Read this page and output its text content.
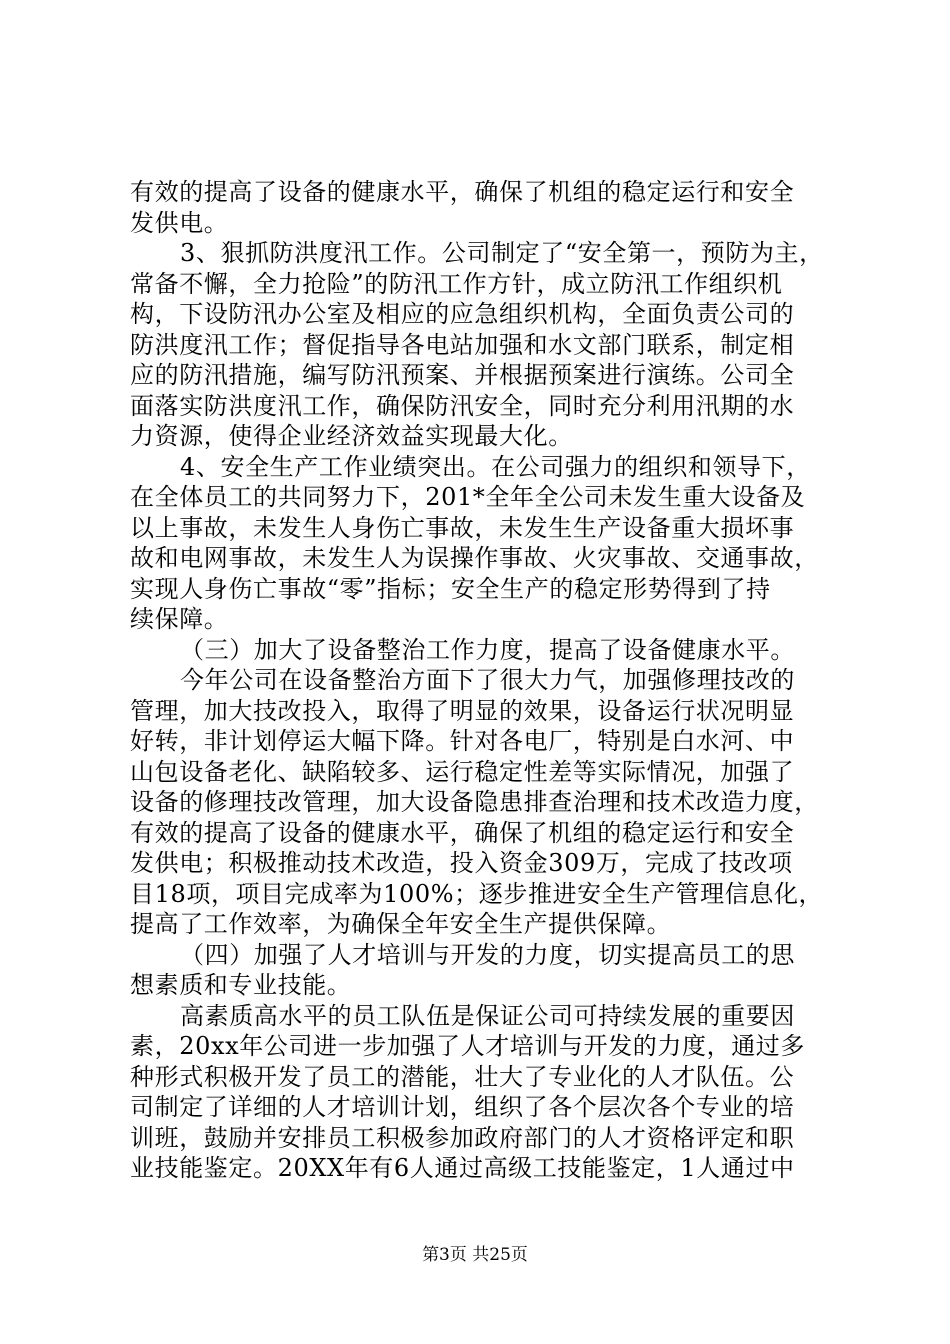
有效的提高了设备的健康水平，确保了机组的稳定运行和安全
发供电。
3、狠抓防洪度汛工作。公司制定了“安全第一，预防为主，
常备不懈，全力抢险”的防汛工作方针，成立防汛工作组织机
构，下设防汛办公室及相应的应急组织机构，全面负责公司的
防洪度汛工作；督促指导各电站加强和水文部门联系，制定相
应的防汛措施，编写防汛预案、并根据预案进行演练。公司全
面落实防洪度汛工作，确保防汛安全，同时充分利用汛期的水
力资源，使得企业经济效益实现最大化。
4、安全生产工作业绩突出。在公司强力的组织和领导下，
在全体员工的共同努力下，201*全年全公司未发生重大设备及
以上事故，未发生人身伤亡事故，未发生生产设备重大损坏事
故和电网事故，未发生人为误操作事故、火灾事故、交通事故，
实现人身伤亡事故“零”指标；安全生产的稳定形势得到了持
续保障。
（三）加大了设备整治工作力度，提高了设备健康水平。
今年公司在设备整治方面下了很大力气，加强修理技改的
管理，加大技改投入，取得了明显的效果，设备运行状况明显
好转，非计划停运大幅下降。针对各电厂，特别是白水河、中
山包设备老化、缺陷较多、运行稳定性差等实际情况，加强了
设备的修理技改管理，加大设备隐患排查治理和技术改造力度，
有效的提高了设备的健康水平，确保了机组的稳定运行和安全
发供电；积极推动技术改造，投入资金309万，完成了技改项
目18项，项目完成率为100%；逐步推进安全生产管理信息化，
提高了工作效率，为确保全年安全生产提供保障。
（四）加强了人才培训与开发的力度，切实提高员工的思
想素质和专业技能。
高素质高水平的员工队伍是保证公司可持续发展的重要因
素，20xx年公司进一步加强了人才培训与开发的力度，通过多
种形式积极开发了员工的潜能，壮大了专业化的人才队伍。公
司制定了详细的人才培训计划，组织了各个层次各个专业的培
训班，鼓励并安排员工积极参加政府部门的人才资格评定和职
业技能鉴定。20XX年有6人通过高级工技能鉴定，1人通过中
第3页 共25页
